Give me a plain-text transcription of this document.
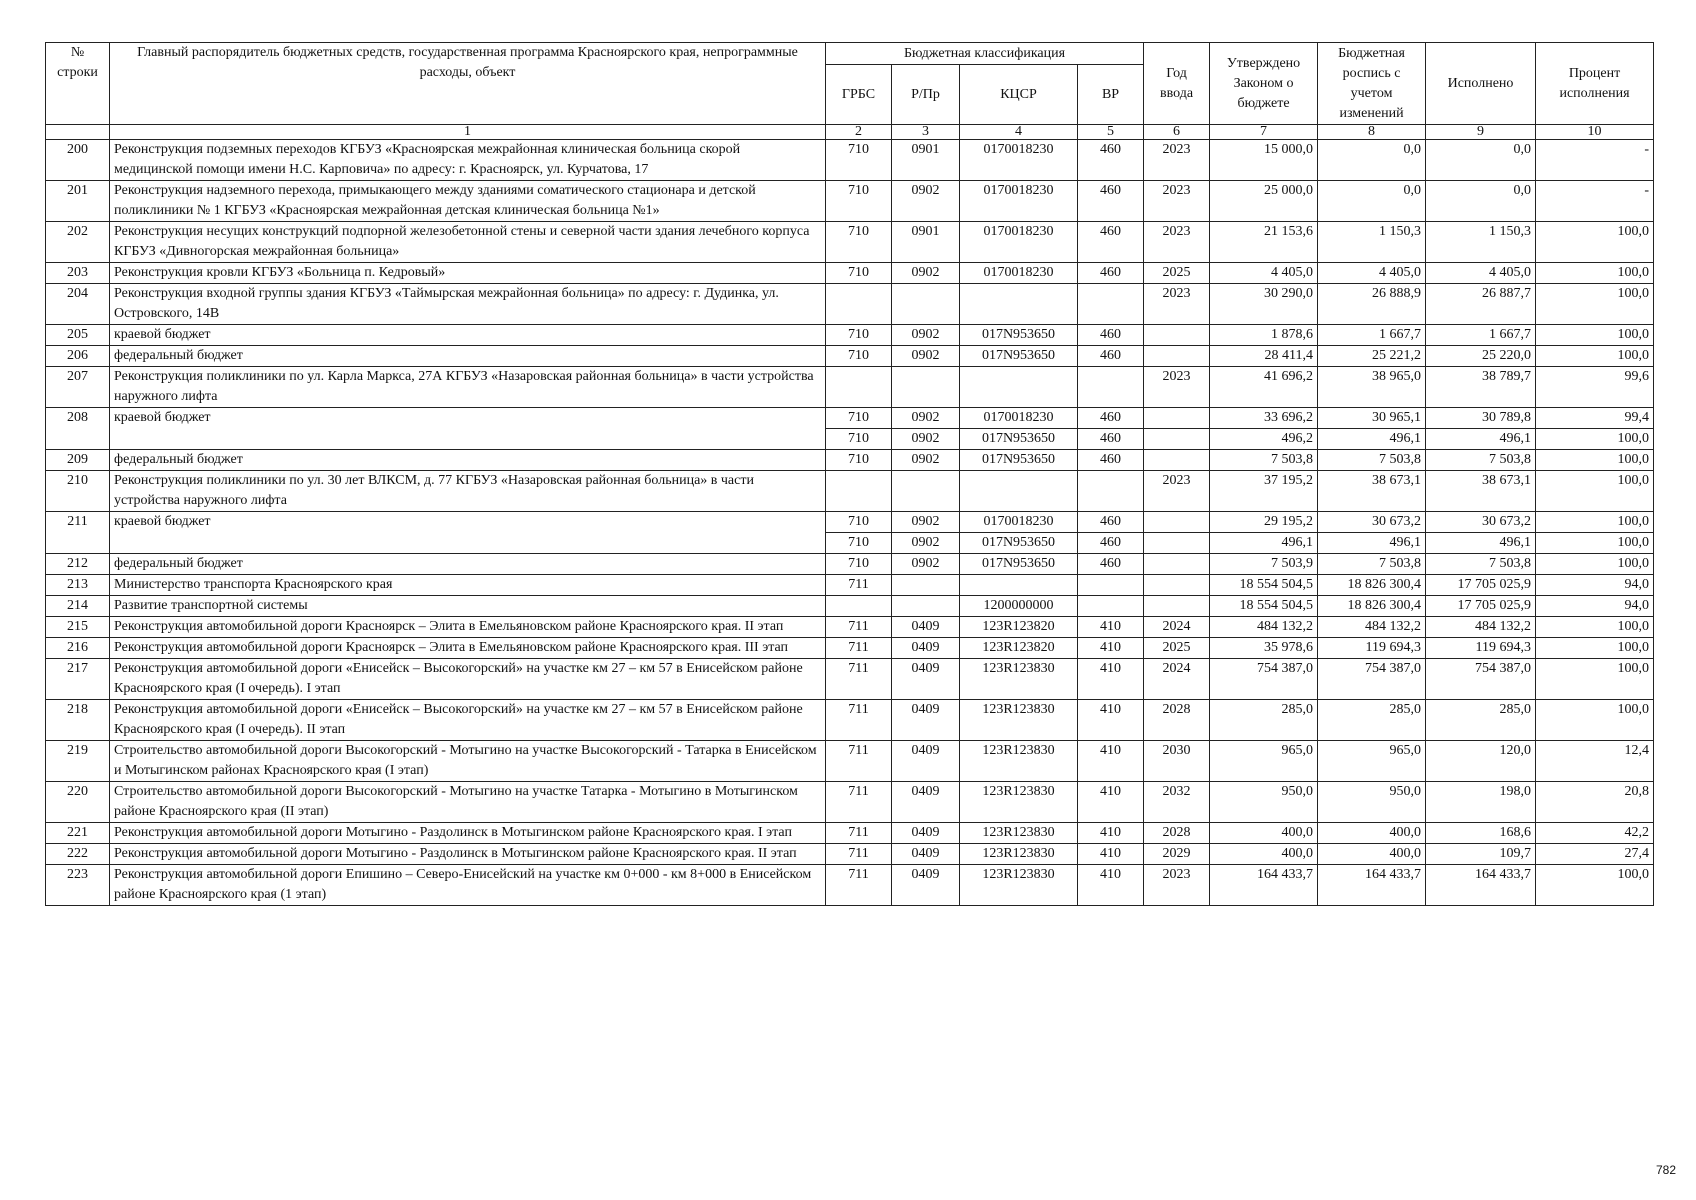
№ строки	Главный распорядитель бюджетных средств, государственная программа Красноярского края, непрограммные расходы, объект	Бюджетная классификация				Год ввода	Утверждено Законом о бюджете	Бюджетная роспись с учетом изменений	Исполнено	Процент исполнения
		ГРБС	Р/Пр	КЦСР	ВР					
	1	2	3	4	5	6	7	8	9	10
200	Реконструкция подземных переходов КГБУЗ «Красноярская межрайонная клиническая больница скорой медицинской помощи имени Н.С. Карповича» по адресу: г. Красноярск, ул. Курчатова, 17	710	0901	0170018230	460	2023	15 000,0	0,0	0,0	-
201	Реконструкция надземного перехода, примыкающего между зданиями соматического стационара и детской поликлиники № 1 КГБУЗ «Красноярская межрайонная детская клиническая больница №1»	710	0902	0170018230	460	2023	25 000,0	0,0	0,0	-
202	Реконструкция несущих конструкций подпорной железобетонной стены и северной части здания лечебного корпуса КГБУЗ «Дивногорская межрайонная больница»	710	0901	0170018230	460	2023	21 153,6	1 150,3	1 150,3	100,0
203	Реконструкция кровли КГБУЗ «Больница п. Кедровый»	710	0902	0170018230	460	2025	4 405,0	4 405,0	4 405,0	100,0
204	Реконструкция входной группы здания КГБУЗ «Таймырская межрайонная больница» по адресу: г. Дудинка, ул. Островского, 14В					2023	30 290,0	26 888,9	26 887,7	100,0
205	краевой бюджет	710	0902	017N953650	460		1 878,6	1 667,7	1 667,7	100,0
206	федеральный бюджет	710	0902	017N953650	460		28 411,4	25 221,2	25 220,0	100,0
207	Реконструкция поликлиники по ул. Карла Маркса, 27А КГБУЗ «Назаровская районная больница» в части устройства наружного лифта					2023	41 696,2	38 965,0	38 789,7	99,6
208	краевой бюджет	710	0902	0170018230	460		33 696,2	30 965,1	30 789,8	99,4
		710	0902	017N953650	460		496,2	496,1	496,1	100,0
209	федеральный бюджет	710	0902	017N953650	460		7 503,8	7 503,8	7 503,8	100,0
210	Реконструкция поликлиники по ул. 30 лет ВЛКСМ, д. 77 КГБУЗ «Назаровская районная больница» в части устройства наружного лифта					2023	37 195,2	38 673,1	38 673,1	100,0
211	краевой бюджет	710	0902	0170018230	460		29 195,2	30 673,2	30 673,2	100,0
		710	0902	017N953650	460		496,1	496,1	496,1	100,0
212	федеральный бюджет	710	0902	017N953650	460		7 503,9	7 503,8	7 503,8	100,0
213	Министерство транспорта Красноярского края	711					18 554 504,5	18 826 300,4	17 705 025,9	94,0
214	Развитие транспортной системы			1200000000			18 554 504,5	18 826 300,4	17 705 025,9	94,0
215	Реконструкция автомобильной дороги Красноярск – Элита в Емельяновском районе Красноярского края. II этап	711	0409	123R123820	410	2024	484 132,2	484 132,2	484 132,2	100,0
216	Реконструкция автомобильной дороги Красноярск – Элита в Емельяновском районе Красноярского края. III этап	711	0409	123R123820	410	2025	35 978,6	119 694,3	119 694,3	100,0
217	Реконструкция автомобильной дороги «Енисейск – Высокогорский» на участке км 27 – км 57 в Енисейском районе Красноярского края (I очередь). I этап	711	0409	123R123830	410	2024	754 387,0	754 387,0	754 387,0	100,0
218	Реконструкция автомобильной дороги «Енисейск – Высокогорский» на участке км 27 – км 57 в Енисейском районе Красноярского края (I очередь). II этап	711	0409	123R123830	410	2028	285,0	285,0	285,0	100,0
219	Строительство автомобильной дороги Высокогорский - Мотыгино на участке Высокогорский - Татарка в Енисейском и Мотыгинском районах Красноярского края (I этап)	711	0409	123R123830	410	2030	965,0	965,0	120,0	12,4
220	Строительство автомобильной дороги Высокогорский - Мотыгино на участке Татарка - Мотыгино в Мотыгинском районе Красноярского края (II этап)	711	0409	123R123830	410	2032	950,0	950,0	198,0	20,8
221	Реконструкция автомобильной дороги Мотыгино - Раздолинск в Мотыгинском районе Красноярского края. I этап	711	0409	123R123830	410	2028	400,0	400,0	168,6	42,2
222	Реконструкция автомобильной дороги Мотыгино - Раздолинск в Мотыгинском районе Красноярского края. II этап	711	0409	123R123830	410	2029	400,0	400,0	109,7	27,4
223	Реконструкция автомобильной дороги Епишино – Северо-Енисейский на участке км 0+000 - км 8+000 в Енисейском районе Красноярского края (1 этап)	711	0409	123R123830	410	2023	164 433,7	164 433,7	164 433,7	100,0
782
